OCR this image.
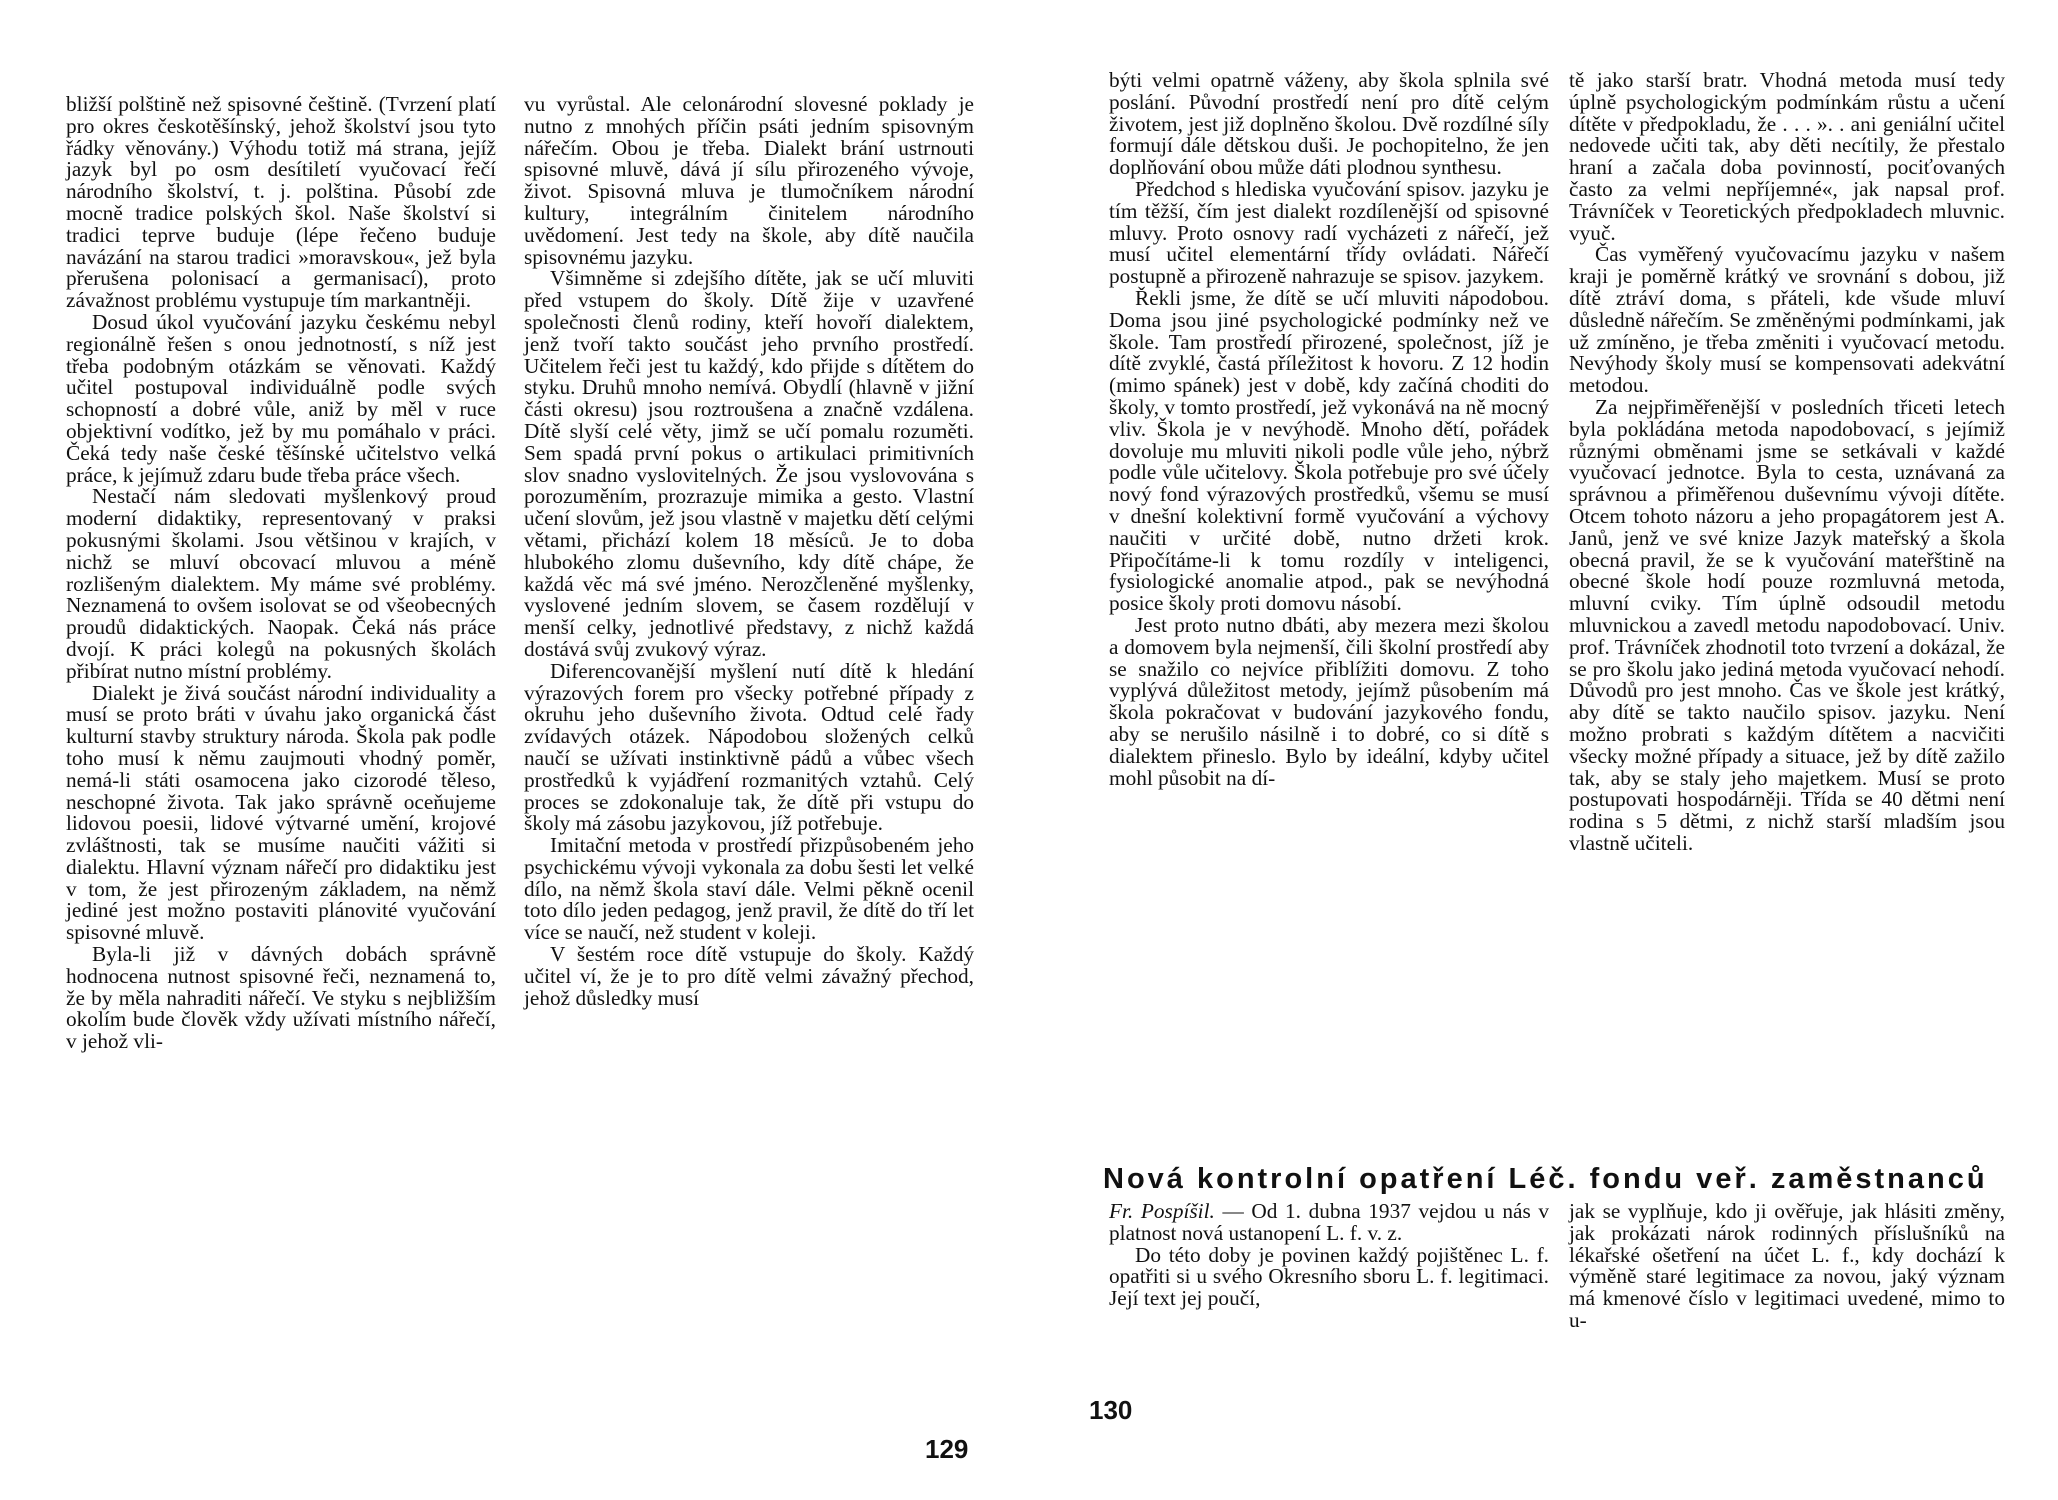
bližší polštině než spisovné češtině. (Tvrzení platí pro okres českotěšínský, jehož školství jsou tyto řádky věnovány.) Výhodu totiž má strana, jejíž jazyk byl po osm desítiletí vyučovací řečí národního školství, t. j. polština. Působí zde mocně tradice polských škol. Naše školství si tradici teprve buduje (lépe řečeno buduje navázání na starou tradici »moravskou«, jež byla přerušena polonisací a germanisací), proto závažnost problému vystupuje tím markantněji.

Dosud úkol vyučování jazyku českému nebyl regionálně řešen s onou jednotností, s níž jest třeba podobným otázkám se věnovati. Každý učitel postupoval individuálně podle svých schopností a dobré vůle, aniž by měl v ruce objektivní vodítko, jež by mu pomáhalo v práci. Čeká tedy naše české těšínské učitelstvo velká práce, k jejímuž zdaru bude třeba práce všech.

Nestačí nám sledovati myšlenkový proud moderní didaktiky, representovaný v praksi pokusnými školami. Jsou většinou v krajích, v nichž se mluví obcovací mluvou a méně rozlišeným dialektem. My máme své problémy. Neznamená to ovšem isolovat se od všeobecných proudů didaktických. Naopak. Čeká nás práce dvojí. K práci kolegů na pokusných školách přibírat nutno místní problémy.

Dialekt je živá součást národní individuality a musí se proto bráti v úvahu jako organická část kulturní stavby struktury národa. Škola pak podle toho musí k němu zaujmouti vhodný poměr, nemá-li státi osamocena jako cizorodé těleso, neschopné života. Tak jako správně oceňujeme lidovou poesii, lidové výtvarné umění, krojové zvláštnosti, tak se musíme naučiti vážiti si dialektu. Hlavní význam nářečí pro didaktiku jest v tom, že jest přirozeným základem, na němž jediné jest možno postaviti plánovité vyučování spisovné mluvě.

Byla-li již v dávných dobách správně hodnocena nutnost spisovné řeči, neznamená to, že by měla nahraditi nářečí. Ve styku s nejbližším okolím bude člověk vždy užívati místního nářečí, v jehož vli-

vu vyrůstal. Ale celonárodní slovesné poklady je nutno z mnohých příčin psáti jedním spisovným nářečím. Obou je třeba. Dialekt brání ustrnouti spisovné mluvě, dává jí sílu přirozeného vývoje, život. Spisovná mluva je tlumočníkem národní kultury, integrálním činitelem národního uvědomení. Jest tedy na škole, aby dítě naučila spisovnému jazyku.

Všimněme si zdejšího dítěte, jak se učí mluviti před vstupem do školy. Dítě žije v uzavřené společnosti členů rodiny, kteří hovoří dialektem, jenž tvoří takto součást jeho prvního prostředí. Učitelem řeči jest tu každý, kdo přijde s dítětem do styku. Druhů mnoho nemívá. Obydlí (hlavně v jižní části okresu) jsou roztroušena a značně vzdálena. Dítě slyší celé věty, jimž se učí pomalu rozuměti. Sem spadá první pokus o artikulaci primitivních slov snadno vyslovitelných. Že jsou vyslovována s porozuměním, prozrazuje mimika a gesto. Vlastní učení slovům, jež jsou vlastně v majetku dětí celými větami, přichází kolem 18 měsíců. Je to doba hlubokého zlomu duševního, kdy dítě chápe, že každá věc má své jméno. Nerozčleněné myšlenky, vyslovené jedním slovem, se časem rozdělují v menší celky, jednotlivé představy, z nichž každá dostává svůj zvukový výraz.

Diferencovanější myšlení nutí dítě k hledání výrazových forem pro všecky potřebné případy z okruhu jeho duševního života. Odtud celé řady zvídavých otázek. Nápodobou složených celků naučí se užívati instinktivně pádů a vůbec všech prostředků k vyjádření rozmanitých vztahů. Celý proces se zdokonaluje tak, že dítě při vstupu do školy má zásobu jazykovou, jíž potřebuje.

Imitační metoda v prostředí přizpůsobeném jeho psychickému vývoji vykonala za dobu šesti let velké dílo, na němž škola staví dále. Velmi pěkně ocenil toto dílo jeden pedagog, jenž pravil, že dítě do tří let více se naučí, než student v koleji.

V šestém roce dítě vstupuje do školy. Každý učitel ví, že je to pro dítě velmi závažný přechod, jehož důsledky musí

129

býti velmi opatrně váženy, aby škola splnila své poslání. Původní prostředí není pro dítě celým životem, jest již doplněno školou. Dvě rozdílné síly formují dále dětskou duši. Je pochopitelno, že jen doplňování obou může dáti plodnou synthesu.

Předchod s hlediska vyučování spisov. jazyku je tím těžší, čím jest dialekt rozdílenější od spisovné mluvy. Proto osnovy radí vycházeti z nářečí, jež musí učitel elementární třídy ovládati. Nářečí postupně a přirozeně nahrazuje se spisov. jazykem.

Řekli jsme, že dítě se učí mluviti nápodobou. Doma jsou jiné psychologické podmínky než ve škole. Tam prostředí přirozené, společnost, jíž je dítě zvyklé, častá příležitost k hovoru. Z 12 hodin (mimo spánek) jest v době, kdy začíná choditi do školy, v tomto prostředí, jež vykonává na ně mocný vliv. Škola je v nevýhodě. Mnoho dětí, pořádek dovoluje mu mluviti nikoli podle vůle jeho, nýbrž podle vůle učitelovy. Škola potřebuje pro své účely nový fond výrazových prostředků, všemu se musí v dnešní kolektivní formě vyučování a výchovy naučiti v určité době, nutno držeti krok. Připočítáme-li k tomu rozdíly v inteligenci, fysiologické anomalie atpod., pak se nevýhodná posice školy proti domovu násobí.

Jest proto nutno dbáti, aby mezera mezi školou a domovem byla nejmenší, čili školní prostředí aby se snažilo co nejvíce přiblížiti domovu. Z toho vyplývá důležitost metody, jejímž působením má škola pokračovat v budování jazykového fondu, aby se nerušilo násilně i to dobré, co si dítě s dialektem přineslo. Bylo by ideální, kdyby učitel mohl působit na dí-

tě jako starší bratr. Vhodná metoda musí tedy úplně psychologickým podmínkám růstu a učení dítěte v předpokladu, že . . . ». . ani geniální učitel nedovede učiti tak, aby děti necítily, že přestalo hraní a začala doba povinností, pociťovaných často za velmi nepříjemné«, jak napsal prof. Trávníček v Teoretických předpokladech mluvnic. vyuč.

Čas vyměřený vyučovacímu jazyku v našem kraji je poměrně krátký ve srovnání s dobou, již dítě ztráví doma, s přáteli, kde všude mluví důsledně nářečím. Se změněnými podmínkami, jak už zmíněno, je třeba změniti i vyučovací metodu. Nevýhody školy musí se kompensovati adekvátní metodou.

Za nejpřiměřenější v posledních třiceti letech byla pokládána metoda napodobovací, s jejímiž různými obměnami jsme se setkávali v každé vyučovací jednotce. Byla to cesta, uznávaná za správnou a přiměřenou duševnímu vývoji dítěte. Otcem tohoto názoru a jeho propagátorem jest A. Janů, jenž ve své knize Jazyk mateřský a škola obecná pravil, že se k vyučování mateřštině na obecné škole hodí pouze rozmluvná metoda, mluvní cviky. Tím úplně odsoudil metodu mluvnickou a zavedl metodu napodobovací. Univ. prof. Trávníček zhodnotil toto tvrzení a dokázal, že se pro školu jako jediná metoda vyučovací nehodí. Důvodů pro jest mnoho. Čas ve škole jest krátký, aby dítě se takto naučilo spisov. jazyku. Není možno probrati s každým dítětem a nacvičiti všecky možné případy a situace, jež by dítě zažilo tak, aby se staly jeho majetkem. Musí se proto postupovati hospodárněji. Třída se 40 dětmi není rodina s 5 dětmi, z nichž starší mladším jsou vlastně učiteli.

Nová kontrolní opatření Léč. fondu veř. zaměstnanců

Fr. Pospíšil. — Od 1. dubna 1937 vejdou u nás v platnost nová ustanopení L. f. v. z.

Do této doby je povinen každý pojištěnec L. f. opatřiti si u svého Okresního sboru L. f. legitimaci. Její text jej poučí,

jak se vyplňuje, kdo ji ověřuje, jak hlásiti změny, jak prokázati nárok rodinných příslušníků na lékařské ošetření na účet L. f., kdy dochází k výměně staré legitimace za novou, jaký význam má kmenové číslo v legitimaci uvedené, mimo to u-

130
